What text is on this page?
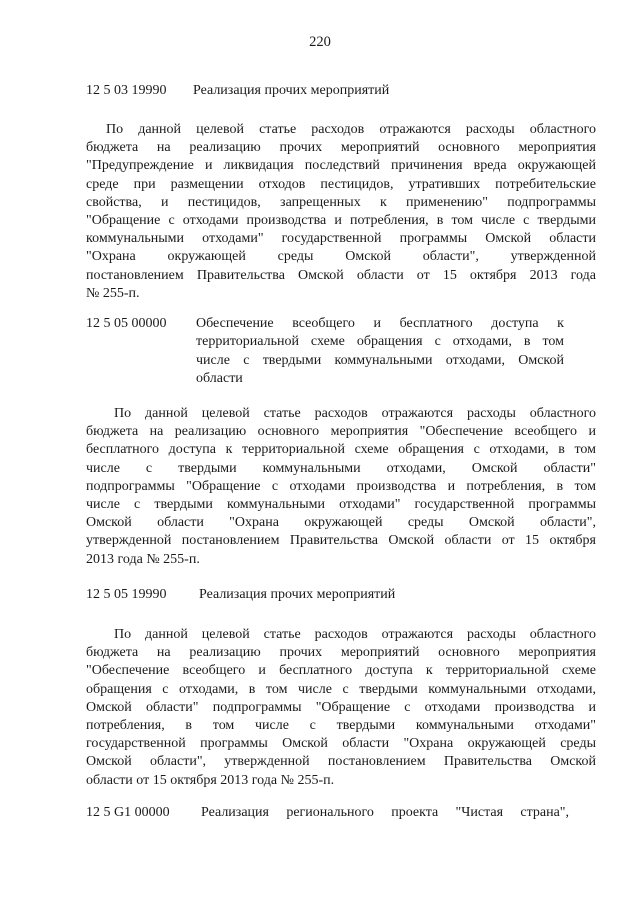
220
12 5 03 19990 Реализация прочих мероприятий
По данной целевой статье расходов отражаются расходы областного
бюджета на реализацию прочих мероприятий основного мероприятия
"Предупреждение и ликвидация последствий причинения вреда окружающей
среде при размещении отходов пестицидов, утративших потребительские
свойства, и пестицидов, запрещенных к применению" подпрограммы
"Обращение с отходами производства и потребления, в том числе с твердыми
коммунальными отходами" государственной программы Омской области
"Охрана окружающей среды Омской области", утвержденной
постановлением Правительства Омской области от 15 октября 2013 года
№ 255-п.
12 5 05 00000 Обеспечение всеобщего и бесплатного доступа к
территориальной схеме обращения с отходами, в том
числе с твердыми коммунальными отходами, Омской
области
По данной целевой статье расходов отражаются расходы областного
бюджета на реализацию основного мероприятия "Обеспечение всеобщего и
бесплатного доступа к территориальной схеме обращения с отходами, в том
числе с твердыми коммунальными отходами, Омской области"
подпрограммы "Обращение с отходами производства и потребления, в том
числе с твердыми коммунальными отходами" государственной программы
Омской области "Охрана окружающей среды Омской области",
утвержденной постановлением Правительства Омской области от 15 октября
2013 года № 255-п.
12 5 05 19990 Реализация прочих мероприятий
По данной целевой статье расходов отражаются расходы областного
бюджета на реализацию прочих мероприятий основного мероприятия
"Обеспечение всеобщего и бесплатного доступа к территориальной схеме
обращения с отходами, в том числе с твердыми коммунальными отходами,
Омской области" подпрограммы "Обращение с отходами производства и
потребления, в том числе с твердыми коммунальными отходами"
государственной программы Омской области "Охрана окружающей среды
Омской области", утвержденной постановлением Правительства Омской
области от 15 октября 2013 года № 255-п.
12 5 G1 00000 Реализация регионального проекта "Чистая страна",
